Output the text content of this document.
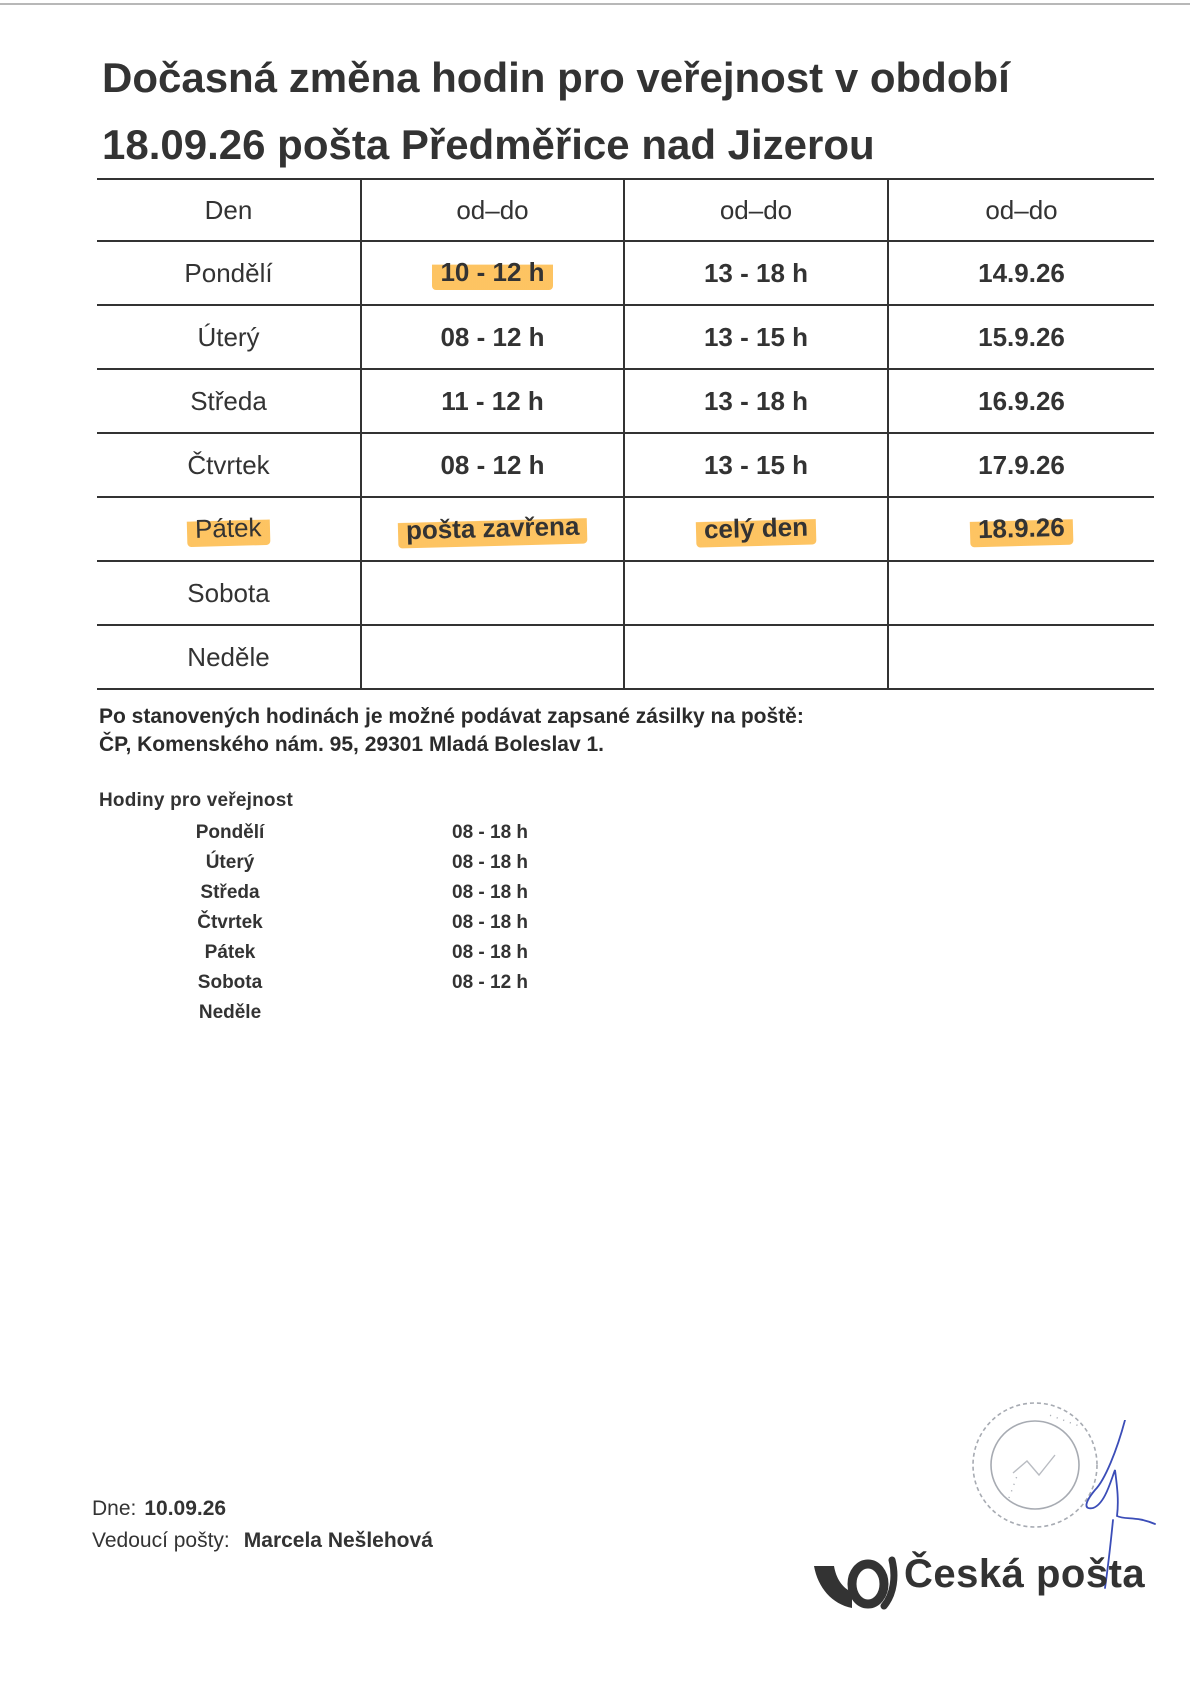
Dočasná změna hodin pro veřejnost v období
18.09.26 pošta Předměřice nad Jizerou
Den	od–do	od–do	od–do
Pondělí	10 - 12 h	13 - 18 h	14.9.26
Úterý	08 - 12 h	13 - 15 h	15.9.26
Středa	11 - 12 h	13 - 18 h	16.9.26
Čtvrtek	08 - 12 h	13 - 15 h	17.9.26
Pátek	pošta zavřena	celý den	18.9.26
Sobota			
Neděle			
Po stanovených hodinách je možné podávat zapsané zásilky na poště:
ČP, Komenského nám. 95, 29301 Mladá Boleslav 1.
Hodiny pro veřejnost
Pondělí	08 - 18 h
Úterý	08 - 18 h
Středa	08 - 18 h
Čtvrtek	08 - 18 h
Pátek	08 - 18 h
Sobota	08 - 12 h
Neděle
Dne: 10.09.26
Vedoucí pošty: Marcela Nešlehová
· · · · ·
· · · ·
Česká pošta
